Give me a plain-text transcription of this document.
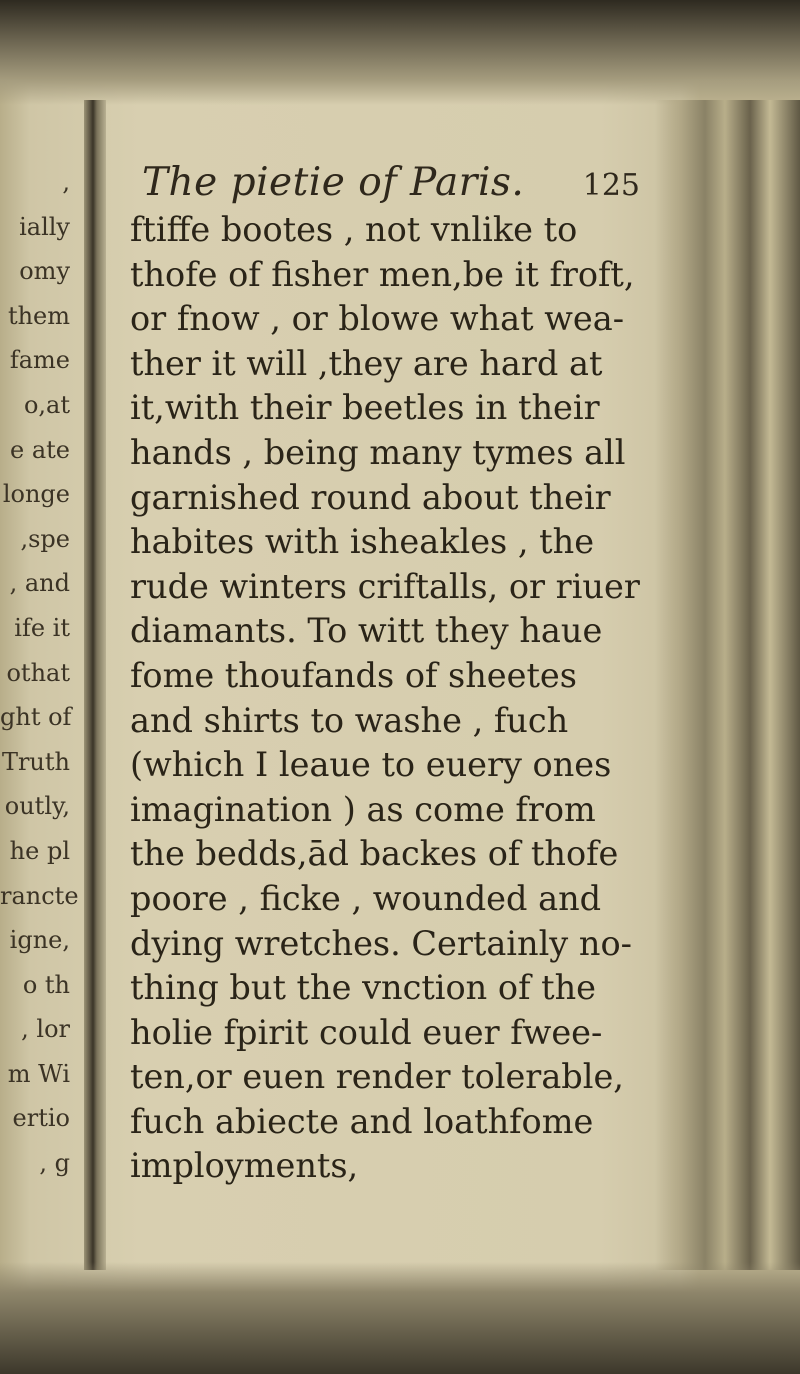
,
ially
omy
them
fame
o,at
e ate
longe
,spe
, and
ife it
othat
ght of
Truth
outly,
he pl
rancte
igne,
o th
, lor
m Wi
ertio
, g
The pietie of Paris. 125
ftiffe bootes , not vnlike to
thofe of fisher men,be it froft,
or fnow , or blowe what wea-
ther it will ,they are hard at
it,with their beetles in their
hands , being many tymes all
garnished round about their
habites with isheakles , the
rude winters criftalls, or riuer
diamants. To witt they haue
fome thoufands of sheetes
and shirts to washe , fuch
(which I leaue to euery ones
imagination ) as come from
the bedds,ād backes of thofe
poore , ficke , wounded and
dying wretches. Certainly no-
thing but the vnction of the
holie fpirit could euer fwee-
ten,or euen render tolerable,
fuch abiecte and loathfome
imployments,
